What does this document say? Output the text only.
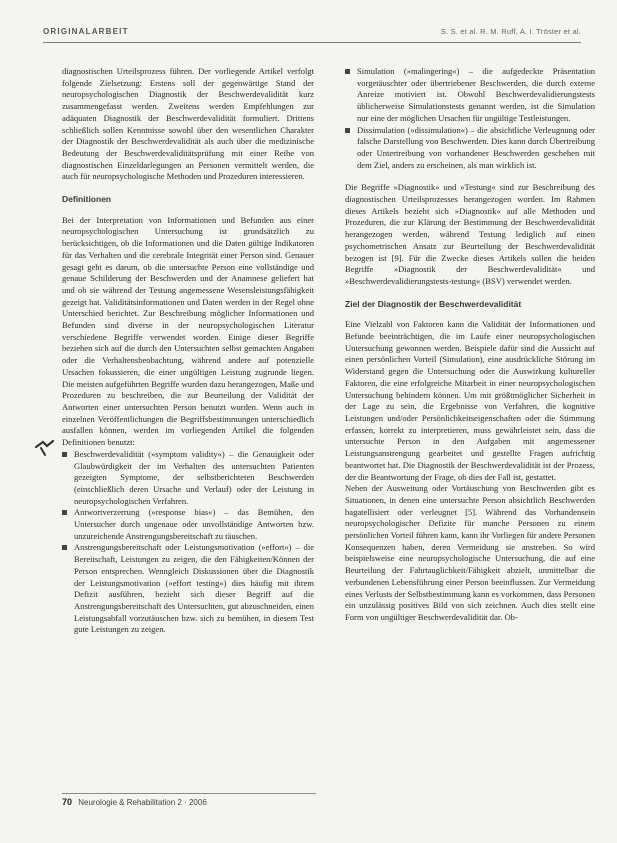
ORIGINALARBEIT	S. S. et al. R. M. Ruff, A. I. Tröster et al.

diagnostischen Urteilsprozess führen. Der vorliegende Artikel verfolgt folgende Zielsetzung: Erstens soll der gegenwärtige Stand der neuropsychologischen Diagnostik der Beschwerdevalidität kurz zusammengefasst werden. Zweitens werden Empfehlungen zur adäquaten Diagnostik der Beschwerdevalidität formuliert. Drittens schließlich sollen Kenntnisse sowohl über den wesentlichen Charakter der Diagnostik der Beschwerdevalidität als auch über die medizinische Bedeutung der Beschwerdevaliditätsprüfung mit einer Reihe von diagnostischen Einzeldarlegungen an Personen vermittelt werden, die auch für neuropsychologische Methoden und Prozeduren interessieren.

Definitionen

Bei der Interpretation von Informationen und Befunden aus einer neuropsychologischen Untersuchung ist grundsätzlich zu berücksichtigen, ob die Informationen und die Daten gültige Indikatoren für das Verhalten und die cerebrale Integrität einer Person sind. Genauer gesagt geht es darum, ob die untersuchte Person eine vollständige und genaue Schilderung der Beschwerden und der Anamnese geliefert hat und ob sie während der Testung angemessene Wesensleistungsfähigkeit gezeigt hat. Validitätsinformationen und Daten werden in der Regel ohne Unterschied berichtet. Zur Beschreibung möglicher Informationen und Befunden sind diverse in der neuropsychologischen Literatur verschiedene Begriffe verwendet worden. Einige dieser Begriffe beziehen sich auf die durch den Untersuchten selbst gemachten Angaben oder die Verhaltensbeobachtung, während andere auf potenzielle Ursachen fokussieren, die einer ungültigen Leistung zugrunde liegen. Die meisten aufgeführten Begriffe wurden dazu herangezogen, Maße und Prozeduren zu beschreiben, die zur Beurteilung der Validität der Antworten einer untersuchten Person benutzt wurden. Wenn auch in einzelnen Veröffentlichungen die Begriffsbestimmungen unterschiedlich ausfallen können, werden im vorliegenden Artikel die folgenden Definitionen benutzt:

Beschwerdevalidität (»symptom validity«) – die Genauigkeit oder Glaubwürdigkeit der im Verhalten des untersuchten Patienten gezeigten Symptome, der selbstberichteten Beschwerden (einschließlich deren Ursache und Verlauf) oder der Leistung in neuropsychologischen Verfahren.
Antwortverzerrung (»response bias«) – das Bemühen, den Untersucher durch ungenaue oder unvollständige Antworten bzw. unzureichende Anstrengungsbereitschaft zu täuschen.
Anstrengungsbereitschaft oder Leistungsmotivation (»effort«) – die Bereitschaft, Leistungen zu zeigen, die den Fähigkeiten/Können der Person entsprechen. Wenngleich Diskussionen über die Diagnostik der Leistungsmotivation (»effort testing«) dies häufig mit ihrem Defizit ausführen, bezieht sich dieser Begriff auf die Anstrengungsbereitschaft des Untersuchten, gut abzuschneiden, einen Leistungsabfall vorzutäuschen bzw. sich zu bemühen, in diesem Test gute Leistungen zu zeigen.
Simulation (»malingering«) – die aufgedeckte Präsentation vorgetäuschter oder übertriebener Beschwerden, die durch externe Anreize motiviert ist. Obwohl Beschwerdevalidierungstests üblicherweise Simulationstests genannt werden, ist die Simulation nur eine der möglichen Ursachen für ungültige Testleistungen.
Dissimulation (»dissimulation«) – die absichtliche Verleugnung oder falsche Darstellung von Beschwerden. Dies kann durch Übertreibung oder Untertreibung von vorhandener Beschwerden geschehen mit dem Ziel, anders zu erscheinen, als man wirklich ist.

Die Begriffe »Diagnostik« und »Testung« sind zur Beschreibung des diagnostischen Urteilsprozesses herangezogen worden. Im Rahmen dieses Artikels bezieht sich »Diagnostik« auf alle Methoden und Prozeduren, die zur Klärung der Bestimmung der Beschwerdevalidität herangezogen werden, während Testung lediglich auf einen psychometrischen Ansatz zur Beurteilung der Beschwerdevalidität bezogen ist [9]. Für die Zwecke dieses Artikels sollen die beiden Begriffe »Diagnostik der Beschwerdevalidität« und »Beschwerdevalidierungstests-testung« (BSV) verwendet werden.

Ziel der Diagnostik der Beschwerdevalidität

Eine Vielzahl von Faktoren kann die Validität der Informationen und Befunde beeinträchtigen, die im Laufe einer neuropsychologischen Untersuchung gewonnen werden. Beispiele dafür sind die Aussicht auf einen persönlichen Vorteil (Simulation), eine ausdrückliche Störung im Widerstand gegen die Untersuchung oder die Auswirkung kultureller Faktoren, die eine erfolgreiche Mitarbeit in einer neuropsychologischen Untersuchung behindern können. Um mit größtmöglicher Sicherheit in der Lage zu sein, die Ergebnisse von Verfahren, die kognitive Leistungen und/oder Persönlichkeitseigenschaften oder die Stimmung erfassen, korrekt zu interpretieren, muss gewährleistet sein, dass die untersuchte Person in den Aufgaben mit angemessener Leistungsanstrengung gearbeitet und gestellte Fragen aufrichtig beantwortet hat. Die Diagnostik der Beschwerdevalidität ist der Prozess, der die Beantwortung der Frage, ob dies der Fall ist, gestattet.

Neben der Ausweitung oder Vortäuschung von Beschwerden gibt es Situationen, in denen eine untersuchte Person absichtlich Beschwerden bagatellisiert oder verleugnet [5]. Während das Vorhandensein neuropsychologischer Defizite für manche Personen zu einem persönlichen Vorteil führen kann, kann ihr Vorliegen für andere Personen Konsequenzen haben, deren Vermeidung sie anstreben. So wird beispielsweise eine neuropsychologische Untersuchung, die auf eine Beurteilung der Fahrtauglichkeit/Fähigkeit abzielt, unmittelbar die verbundenen Lebensführung einer Person beeinflussen. Zur Vermeidung eines Verlusts der Selbstbestimmung kann es vorkommen, dass Personen ein unzulässig positives Bild von sich zeichnen. Auch dies stellt eine Form von ungültiger Beschwerdevalidität dar. Ob-

70 Neurologie & Rehabilitation 2 · 2006
